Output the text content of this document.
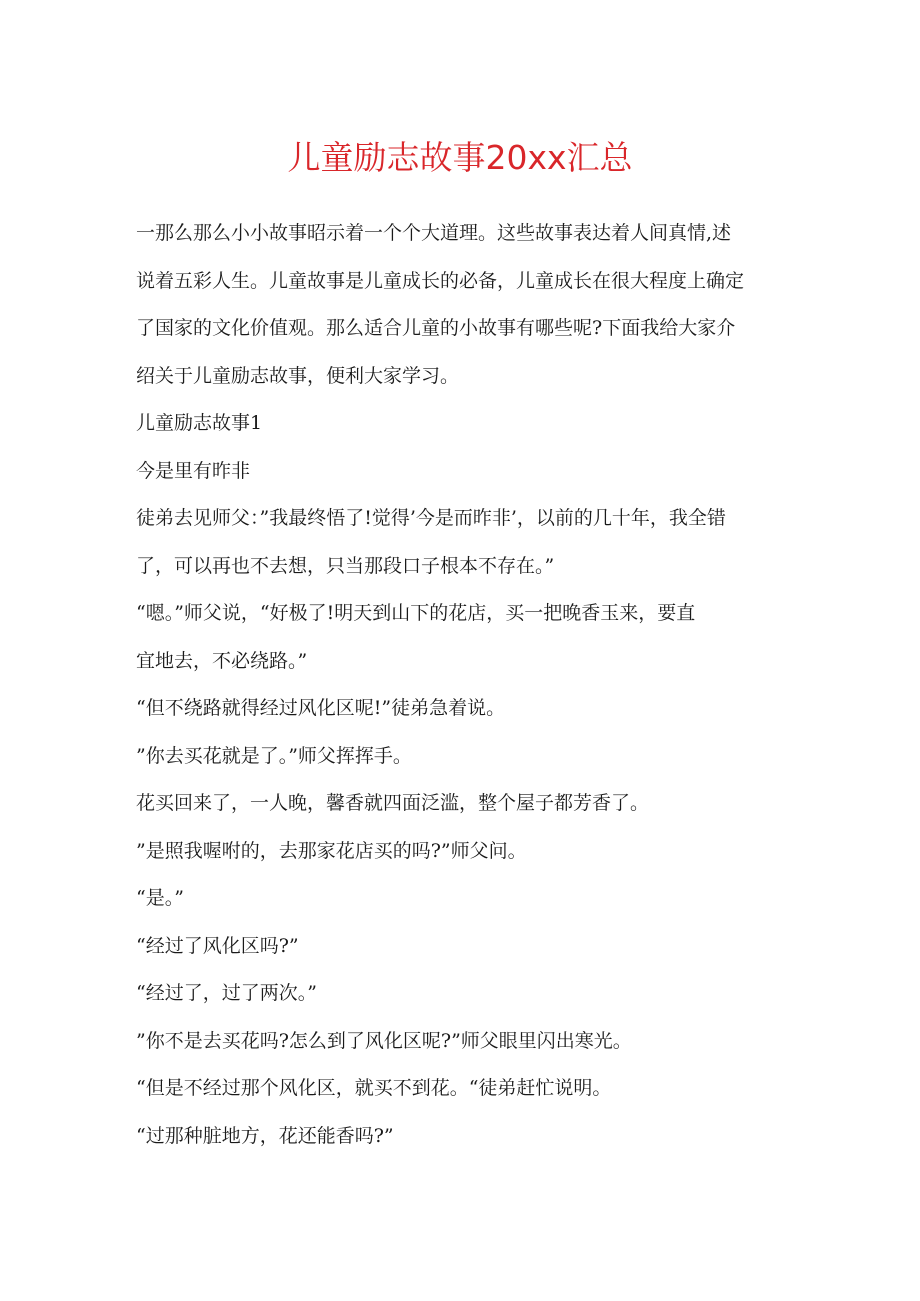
儿童励志故事20xx汇总

一那么那么小小故事昭示着一个个大道理。这些故事表达着人间真情,述
说着五彩人生。儿童故事是儿童成长的必备，儿童成长在很大程度上确定
了国家的文化价值观。那么适合儿童的小故事有哪些呢?下面我给大家介
绍关于儿童励志故事，便利大家学习。

儿童励志故事1

今是里有昨非

徒弟去见师父：”我最终悟了!觉得’今是而昨非’，以前的几十年，我全错
了，可以再也不去想，只当那段口子根本不存在。”

“嗯。”师父说，“好极了!明天到山下的花店，买一把晚香玉来，要直
宜地去，不必绕路。”

“但不绕路就得经过风化区呢!”徒弟急着说。

”你去买花就是了。”师父挥挥手。

花买回来了，一人晚，馨香就四面泛滥，整个屋子都芳香了。

”是照我喔咐的，去那家花店买的吗?”师父问。

“是。”

“经过了风化区吗?”

“经过了，过了两次。”

”你不是去买花吗?怎么到了风化区呢?”师父眼里闪出寒光。

“但是不经过那个风化区，就买不到花。“徒弟赶忙说明。

“过那种脏地方，花还能香吗?”
